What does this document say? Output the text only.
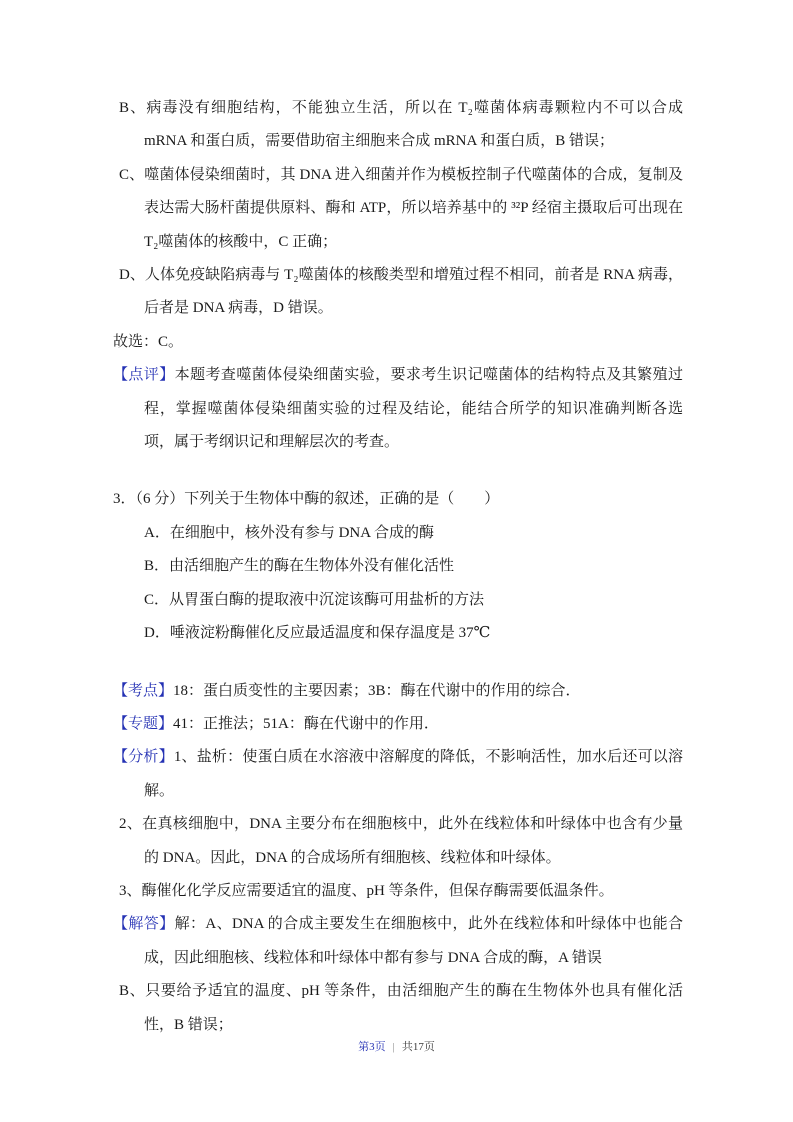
B、病毒没有细胞结构，不能独立生活，所以在 T₂噬菌体病毒颗粒内不可以合成 mRNA 和蛋白质，需要借助宿主细胞来合成 mRNA 和蛋白质，B 错误；

C、噬菌体侵染细菌时，其 DNA 进入细菌并作为模板控制子代噬菌体的合成，复制及表达需大肠杆菌提供原料、酶和 ATP，所以培养基中的 ³²P 经宿主摄取后可出现在 T₂噬菌体的核酸中，C 正确；

D、人体免疫缺陷病毒与 T₂噬菌体的核酸类型和增殖过程不相同，前者是 RNA 病毒，后者是 DNA 病毒，D 错误。

故选：C。

【点评】本题考查噬菌体侵染细菌实验，要求考生识记噬菌体的结构特点及其繁殖过程，掌握噬菌体侵染细菌实验的过程及结论，能结合所学的知识准确判断各选项，属于考纲识记和理解层次的考查。

3．（6 分）下列关于生物体中酶的叙述，正确的是（　　）

A．在细胞中，核外没有参与 DNA 合成的酶

B．由活细胞产生的酶在生物体外没有催化活性

C．从胃蛋白酶的提取液中沉淀该酶可用盐析的方法

D．唾液淀粉酶催化反应最适温度和保存温度是 37℃

【考点】18：蛋白质变性的主要因素；3B：酶在代谢中的作用的综合．

【专题】41：正推法；51A：酶在代谢中的作用．

【分析】1、盐析：使蛋白质在水溶液中溶解度的降低，不影响活性，加水后还可以溶解。

2、在真核细胞中，DNA 主要分布在细胞核中，此外在线粒体和叶绿体中也含有少量的 DNA。因此，DNA 的合成场所有细胞核、线粒体和叶绿体。

3、酶催化化学反应需要适宜的温度、pH 等条件，但保存酶需要低温条件。

【解答】解：A、DNA 的合成主要发生在细胞核中，此外在线粒体和叶绿体中也能合成，因此细胞核、线粒体和叶绿体中都有参与 DNA 合成的酶，A 错误

B、只要给予适宜的温度、pH 等条件，由活细胞产生的酶在生物体外也具有催化活性，B 错误；

第3页 | 共17页
